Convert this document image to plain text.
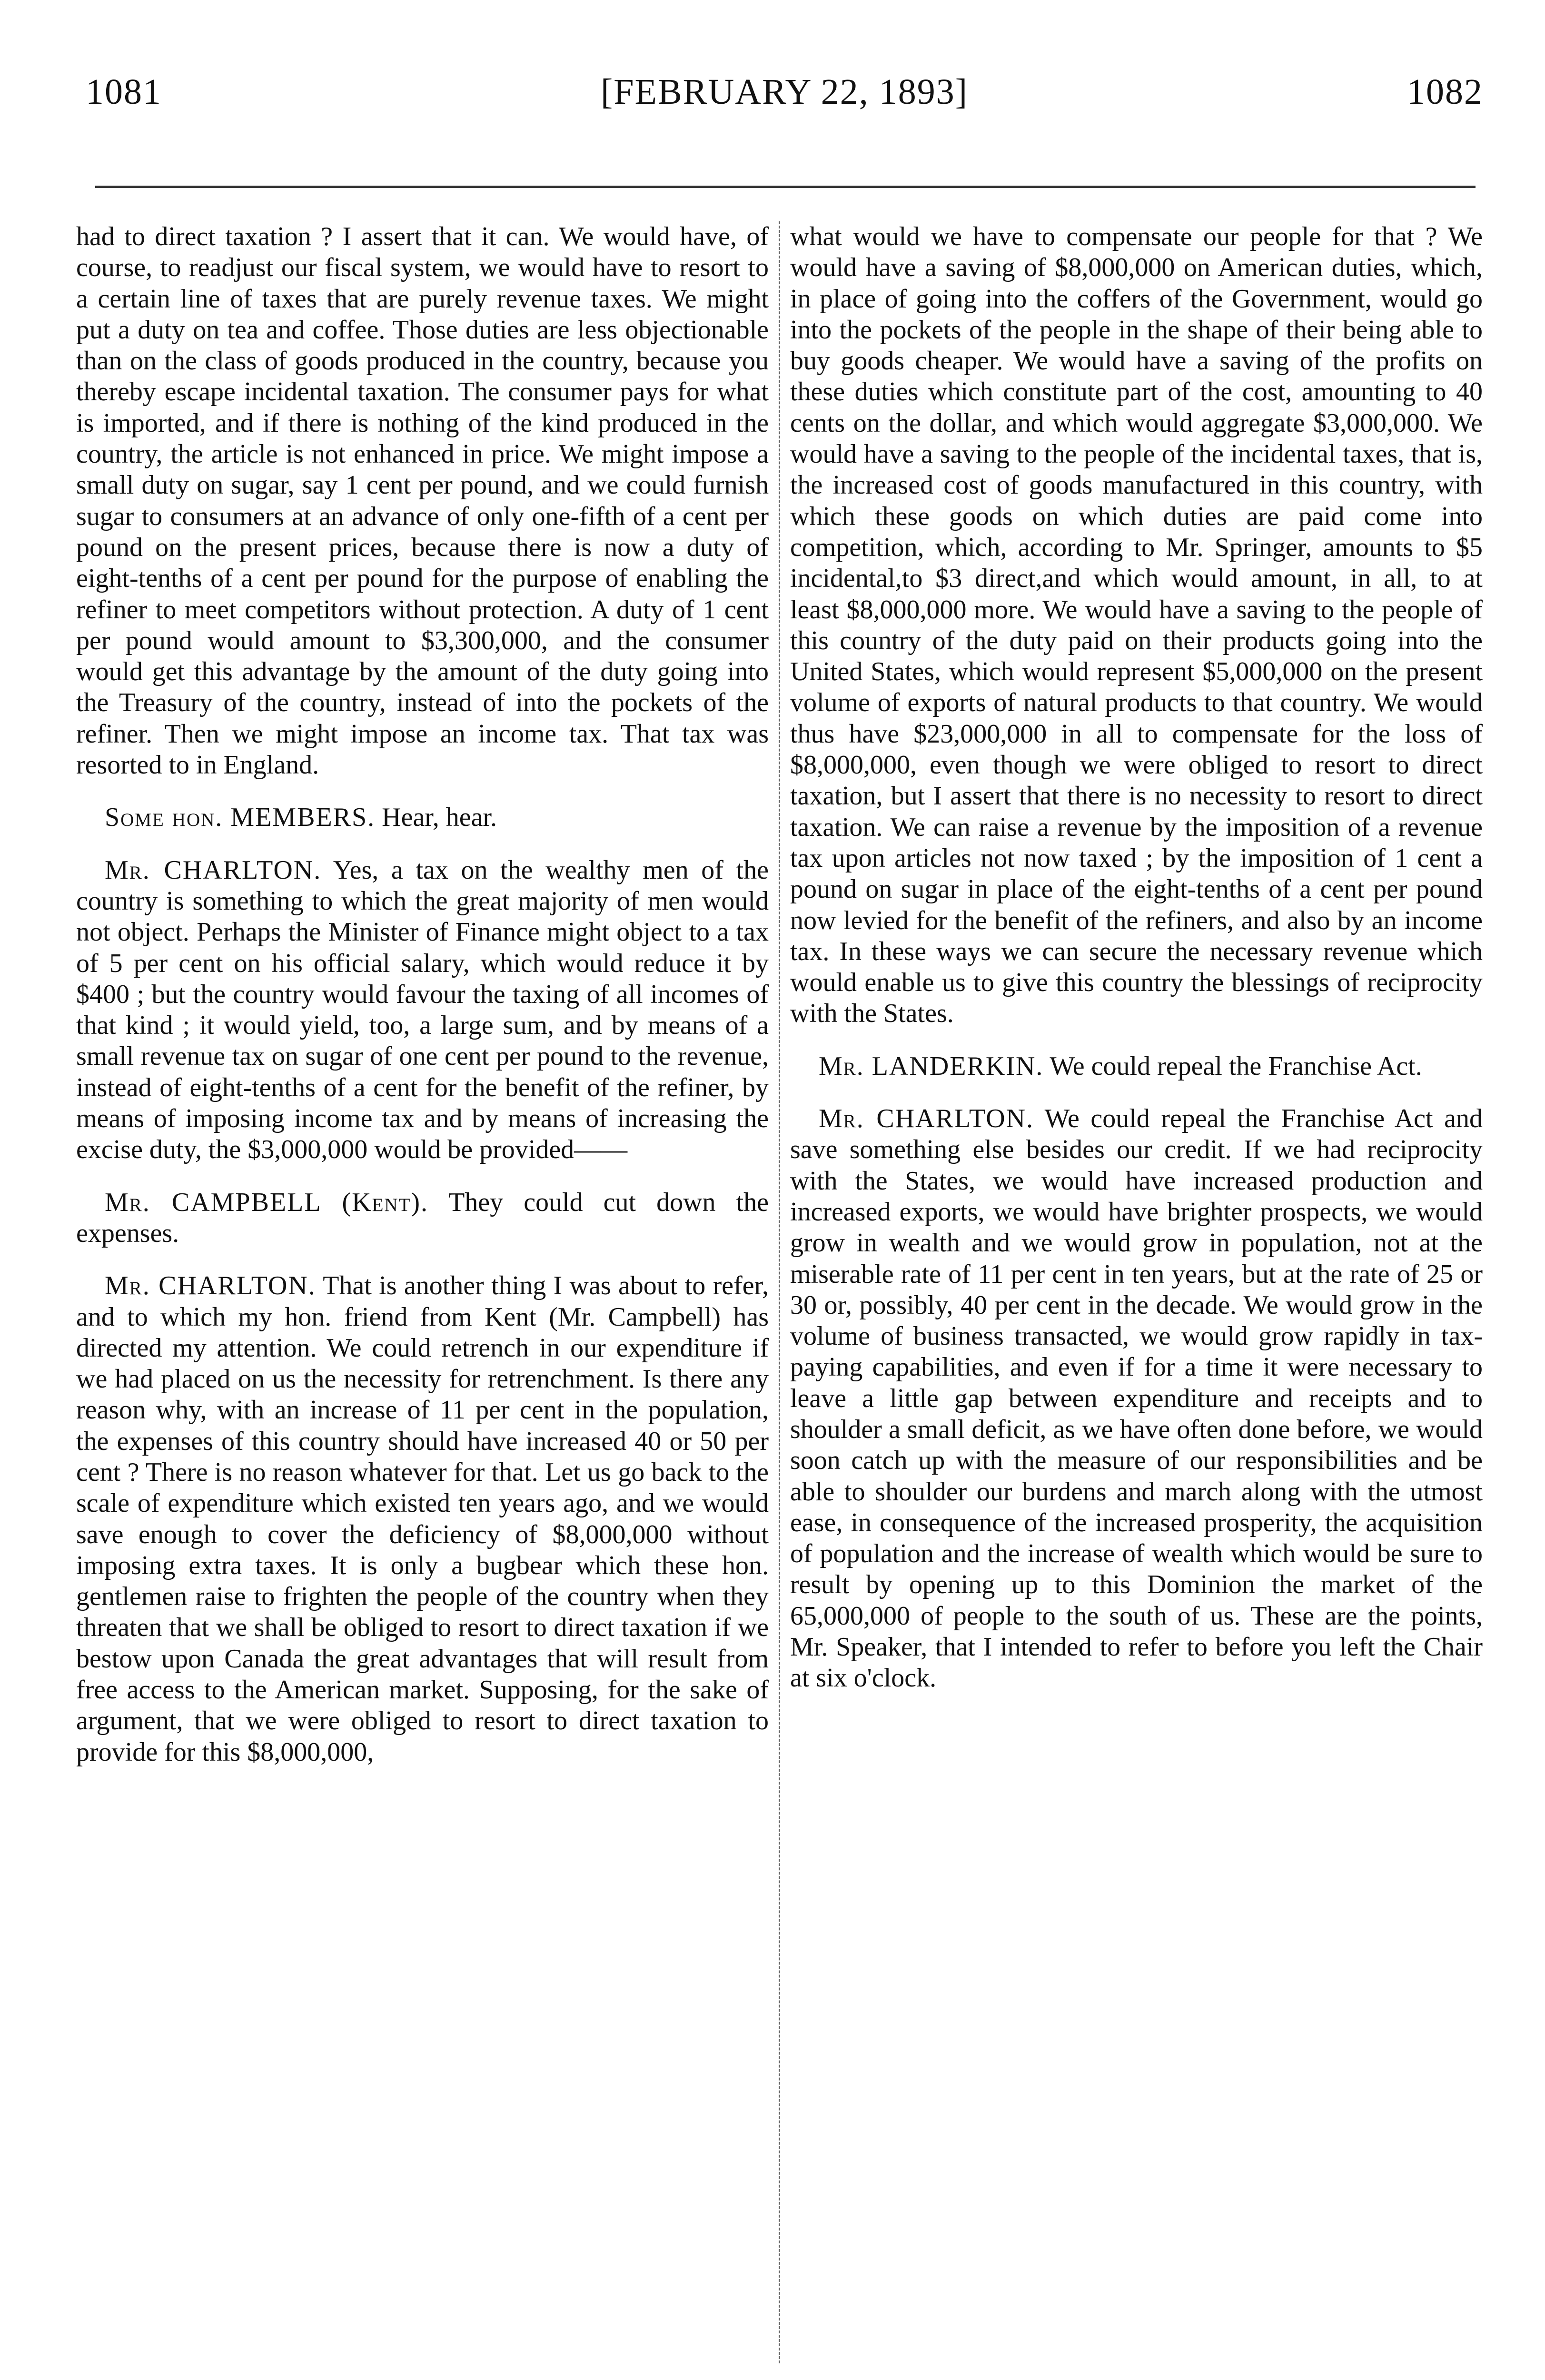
1081	[FEBRUARY 22, 1893]	1082

had to direct taxation ? I assert that it can. We would have, of course, to readjust our fiscal system, we would have to resort to a certain line of taxes that are purely revenue taxes. We might put a duty on tea and coffee. Those duties are less objectionable than on the class of goods produced in the country, because you thereby escape incidental taxation. The consumer pays for what is imported, and if there is nothing of the kind produced in the country, the article is not enhanced in price. We might impose a small duty on sugar, say 1 cent per pound, and we could furnish sugar to consumers at an advance of only one-fifth of a cent per pound on the present prices, because there is now a duty of eight-tenths of a cent per pound for the purpose of enabling the refiner to meet competitors without protection. A duty of 1 cent per pound would amount to $3,300,000, and the consumer would get this advantage by the amount of the duty going into the Treasury of the country, instead of into the pockets of the refiner. Then we might impose an income tax. That tax was resorted to in England.

Some hon. MEMBERS. Hear, hear.

Mr. CHARLTON. Yes, a tax on the wealthy men of the country is something to which the great majority of men would not object. Perhaps the Minister of Finance might object to a tax of 5 per cent on his official salary, which would reduce it by $400 ; but the country would favour the taxing of all incomes of that kind ; it would yield, too, a large sum, and by means of a small revenue tax on sugar of one cent per pound to the revenue, instead of eight-tenths of a cent for the benefit of the refiner, by means of imposing income tax and by means of increasing the excise duty, the $3,000,000 would be provided——

Mr. CAMPBELL (Kent). They could cut down the expenses.

Mr. CHARLTON. That is another thing I was about to refer, and to which my hon. friend from Kent (Mr. Campbell) has directed my attention. We could retrench in our expenditure if we had placed on us the necessity for retrenchment. Is there any reason why, with an increase of 11 per cent in the population, the expenses of this country should have increased 40 or 50 per cent ? There is no reason whatever for that. Let us go back to the scale of expenditure which existed ten years ago, and we would save enough to cover the deficiency of $8,000,000 without imposing extra taxes. It is only a bugbear which these hon. gentlemen raise to frighten the people of the country when they threaten that we shall be obliged to resort to direct taxation if we bestow upon Canada the great advantages that will result from free access to the American market. Supposing, for the sake of argument, that we were obliged to resort to direct taxation to provide for this $8,000,000,

what would we have to compensate our people for that ? We would have a saving of $8,000,000 on American duties, which, in place of going into the coffers of the Government, would go into the pockets of the people in the shape of their being able to buy goods cheaper. We would have a saving of the profits on these duties which constitute part of the cost, amounting to 40 cents on the dollar, and which would aggregate $3,000,000. We would have a saving to the people of the incidental taxes, that is, the increased cost of goods manufactured in this country, with which these goods on which duties are paid come into competition, which, according to Mr. Springer, amounts to $5 incidental,to $3 direct,and which would amount, in all, to at least $8,000,000 more. We would have a saving to the people of this country of the duty paid on their products going into the United States, which would represent $5,000,000 on the present volume of exports of natural products to that country. We would thus have $23,000,000 in all to compensate for the loss of $8,000,000, even though we were obliged to resort to direct taxation, but I assert that there is no necessity to resort to direct taxation. We can raise a revenue by the imposition of a revenue tax upon articles not now taxed ; by the imposition of 1 cent a pound on sugar in place of the eight-tenths of a cent per pound now levied for the benefit of the refiners, and also by an income tax. In these ways we can secure the necessary revenue which would enable us to give this country the blessings of reciprocity with the States.

Mr. LANDERKIN. We could repeal the Franchise Act.

Mr. CHARLTON. We could repeal the Franchise Act and save something else besides our credit. If we had reciprocity with the States, we would have increased production and increased exports, we would have brighter prospects, we would grow in wealth and we would grow in population, not at the miserable rate of 11 per cent in ten years, but at the rate of 25 or 30 or, possibly, 40 per cent in the decade. We would grow in the volume of business transacted, we would grow rapidly in tax-paying capabilities, and even if for a time it were necessary to leave a little gap between expenditure and receipts and to shoulder a small deficit, as we have often done before, we would soon catch up with the measure of our responsibilities and be able to shoulder our burdens and march along with the utmost ease, in consequence of the increased prosperity, the acquisition of population and the increase of wealth which would be sure to result by opening up to this Dominion the market of the 65,000,000 of people to the south of us. These are the points, Mr. Speaker, that I intended to refer to before you left the Chair at six o'clock.
